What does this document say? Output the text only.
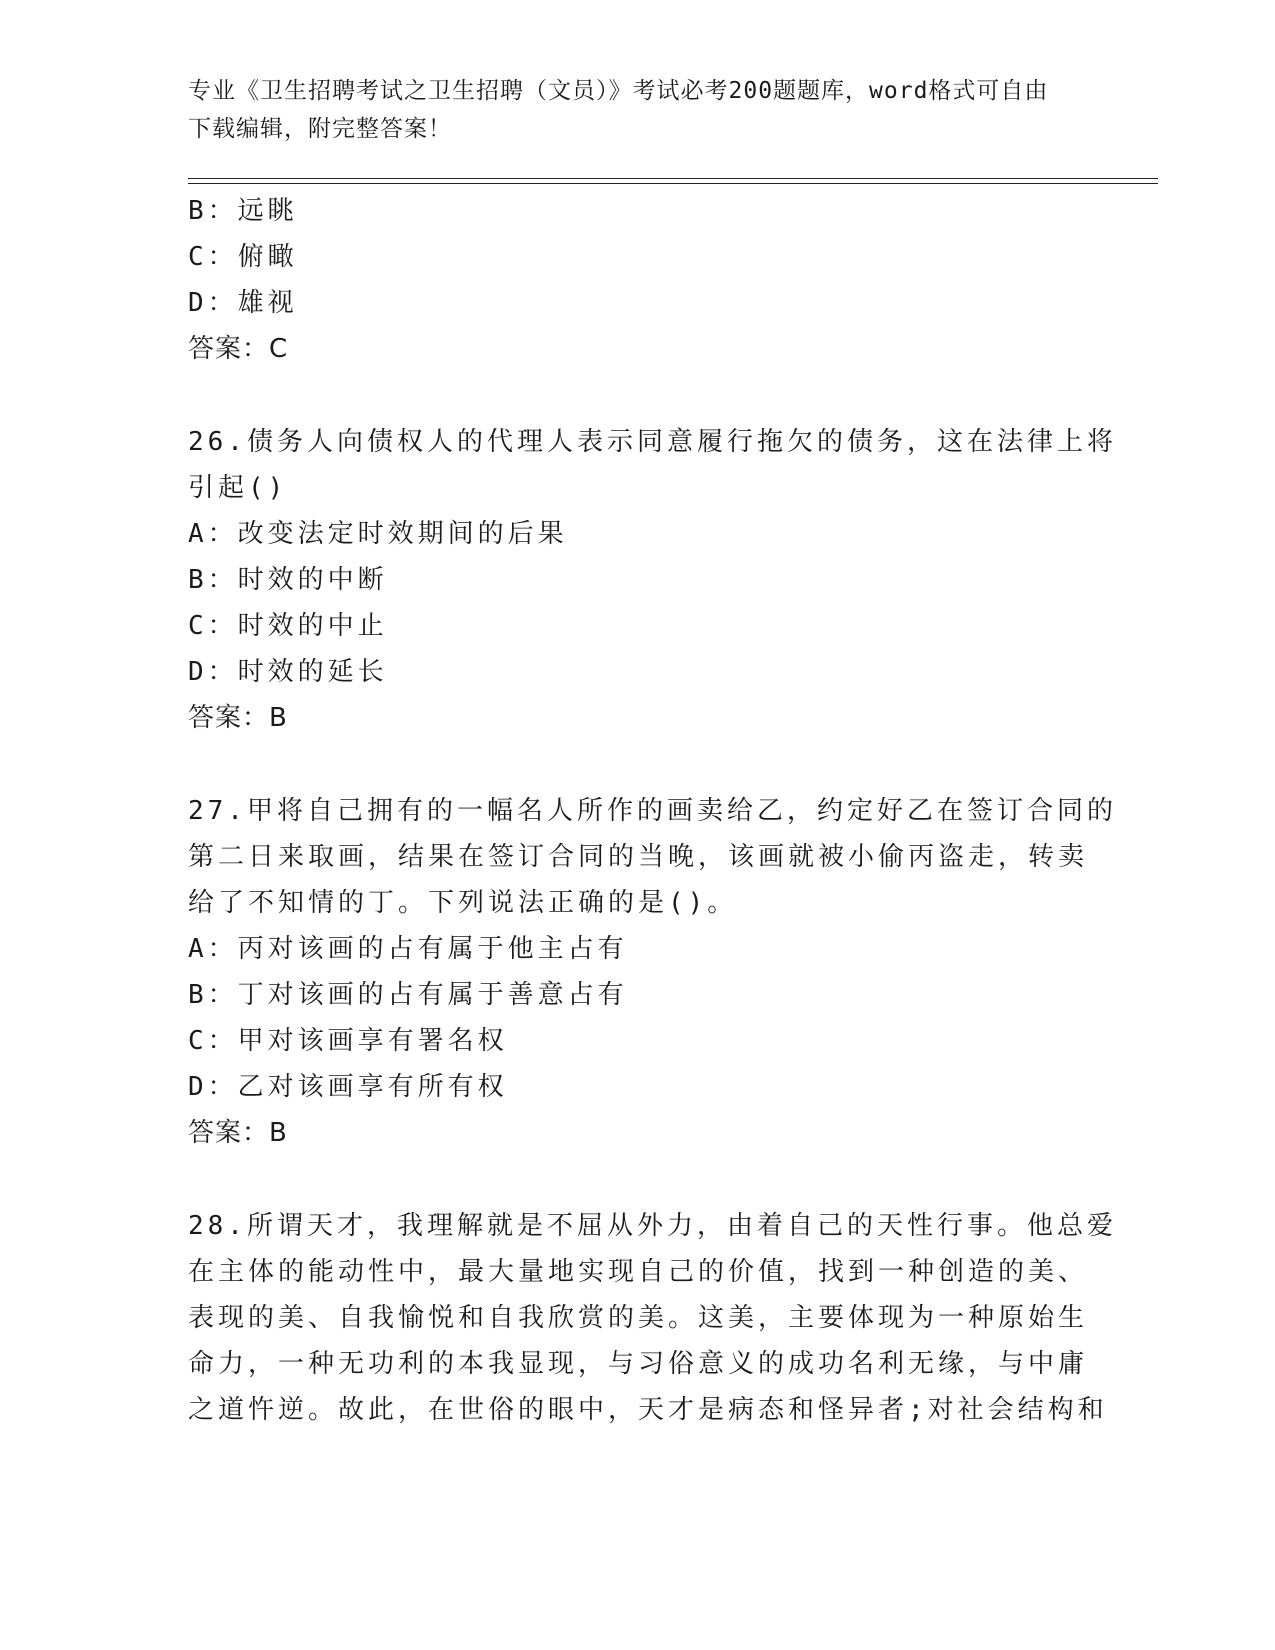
专业《卫生招聘考试之卫生招聘（文员）》考试必考200题题库，word格式可自由下载编辑，附完整答案！
B：远眺
C：俯瞰
D：雄视
答案：C
26.债务人向债权人的代理人表示同意履行拖欠的债务，这在法律上将
引起()
A：改变法定时效期间的后果
B：时效的中断
C：时效的中止
D：时效的延长
答案：B
27.甲将自己拥有的一幅名人所作的画卖给乙，约定好乙在签订合同的
第二日来取画，结果在签订合同的当晚，该画就被小偷丙盗走，转卖
给了不知情的丁。下列说法正确的是()。
A：丙对该画的占有属于他主占有
B：丁对该画的占有属于善意占有
C：甲对该画享有署名权
D：乙对该画享有所有权
答案：B
28.所谓天才，我理解就是不屈从外力，由着自己的天性行事。他总爱
在主体的能动性中，最大量地实现自己的价值，找到一种创造的美、
表现的美、自我愉悦和自我欣赏的美。这美，主要体现为一种原始生
命力，一种无功利的本我显现，与习俗意义的成功名利无缘，与中庸
之道忤逆。故此，在世俗的眼中，天才是病态和怪异者;对社会结构和
